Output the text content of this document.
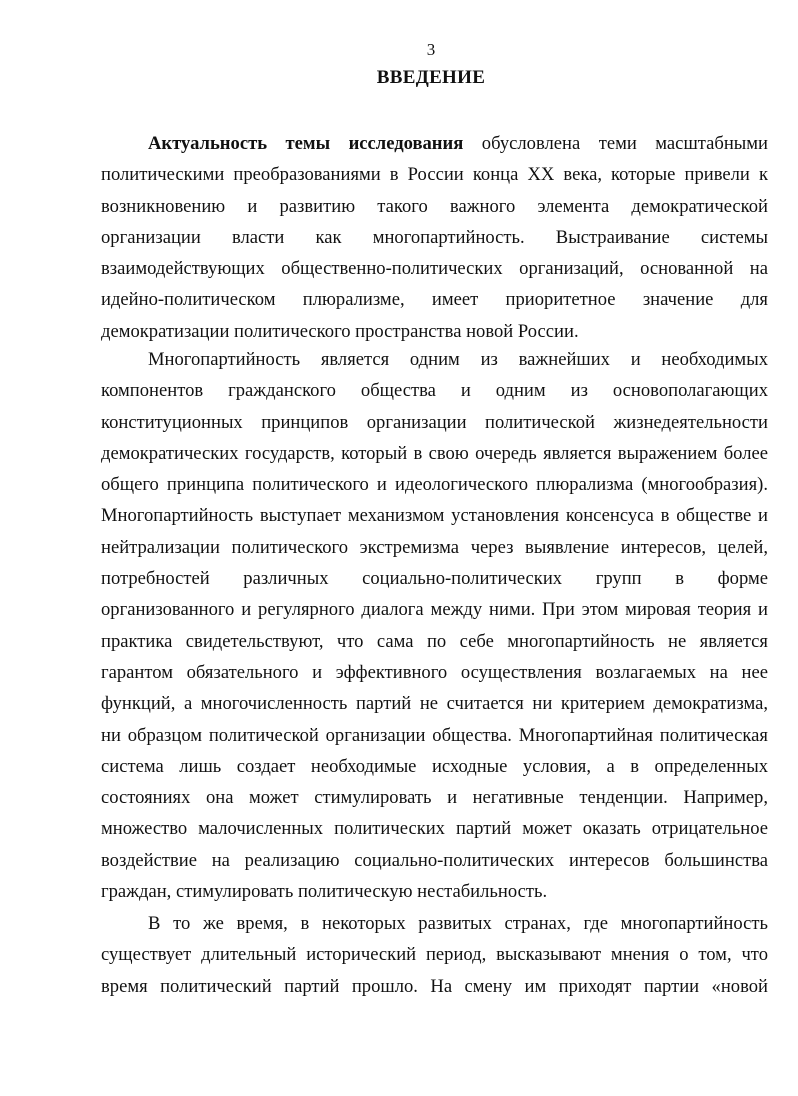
3
ВВЕДЕНИЕ
Актуальность темы исследования обусловлена теми масштабными
политическими преобразованиями в России конца XX века, которые привели к
возникновению и развитию такого важного элемента демократической
организации власти как многопартийность. Выстраивание системы
взаимодействующих общественно-политических организаций, основанной на
идейно-политическом плюрализме, имеет приоритетное значение для
демократизации политического пространства новой России.
Многопартийность является одним из важнейших и необходимых
компонентов гражданского общества и одним из основополагающих
конституционных принципов организации политической жизнедеятельности
демократических государств, который в свою очередь является выражением более
общего принципа политического и идеологического плюрализма (многообразия).
Многопартийность выступает механизмом установления консенсуса в обществе и
нейтрализации политического экстремизма через выявление интересов, целей,
потребностей различных социально-политических групп в форме
организованного и регулярного диалога между ними. При этом мировая теория и
практика свидетельствуют, что сама по себе многопартийность не является
гарантом обязательного и эффективного осуществления возлагаемых на нее
функций, а многочисленность партий не считается ни критерием демократизма,
ни образцом политической организации общества. Многопартийная политическая
система лишь создает необходимые исходные условия, а в определенных
состояниях она может стимулировать и негативные тенденции. Например,
множество малочисленных политических партий может оказать отрицательное
воздействие на реализацию социально-политических интересов большинства
граждан, стимулировать политическую нестабильность.
В то же время, в некоторых развитых странах, где многопартийность
существует длительный исторический период, высказывают мнения о том, что
время политический партий прошло. На смену им приходят партии «новой
